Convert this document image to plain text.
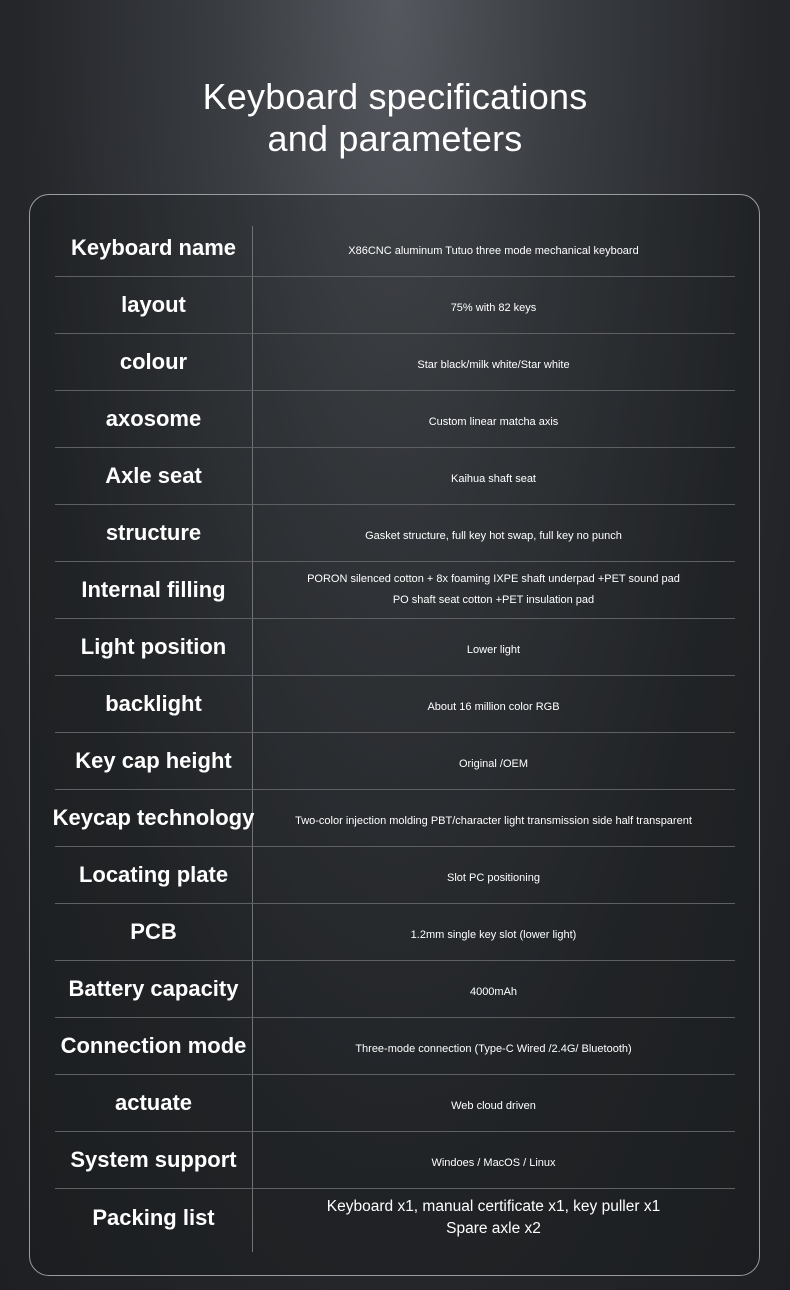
Keyboard specifications
and parameters
Keyboard name	X86CNC aluminum Tutuo three mode mechanical keyboard
layout	75% with 82 keys
colour	Star black/milk white/Star white
axosome	Custom linear matcha axis
Axle seat	Kaihua shaft seat
structure	Gasket structure, full key hot swap, full key no punch
Internal filling	PORON silenced cotton + 8x foaming IXPE shaft underpad +PET sound pad
PO shaft seat cotton +PET insulation pad
Light position	Lower light
backlight	About 16 million color RGB
Key cap height	Original /OEM
Keycap technology	Two-color injection molding PBT/character light transmission side half transparent
Locating plate	Slot PC positioning
PCB	1.2mm single key slot (lower light)
Battery capacity	4000mAh
Connection mode	Three-mode connection (Type-C Wired /2.4G/ Bluetooth)
actuate	Web cloud driven
System support	Windoes / MacOS / Linux
Packing list	Keyboard x1, manual certificate x1, key puller x1
Spare axle x2
